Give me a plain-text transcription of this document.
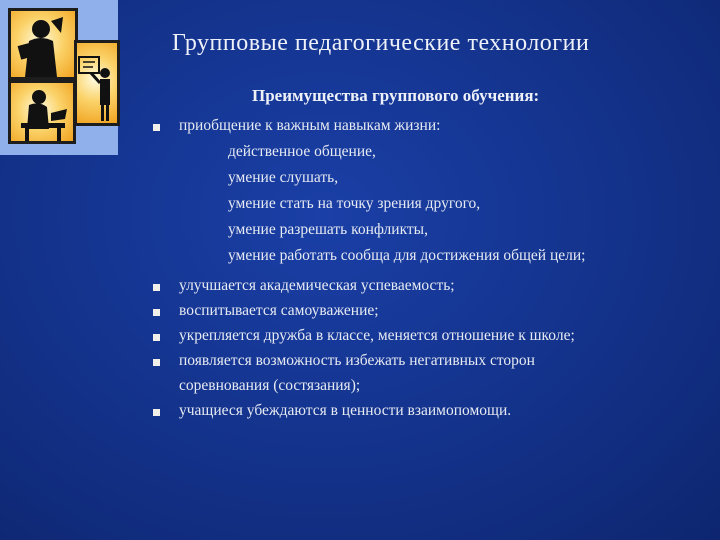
Групповые педагогические технологии
Преимущества группового обучения:
приобщение к важным навыкам жизни:
действенное общение,
умение слушать,
умение стать на точку зрения другого,
умение разрешать конфликты,
умение работать сообща для достижения общей цели;
улучшается академическая успеваемость;
воспитывается самоуважение;
укрепляется дружба в классе, меняется отношение к школе;
появляется возможность избежать негативных сторон
соревнования (состязания);
учащиеся убеждаются в ценности взаимопомощи.
